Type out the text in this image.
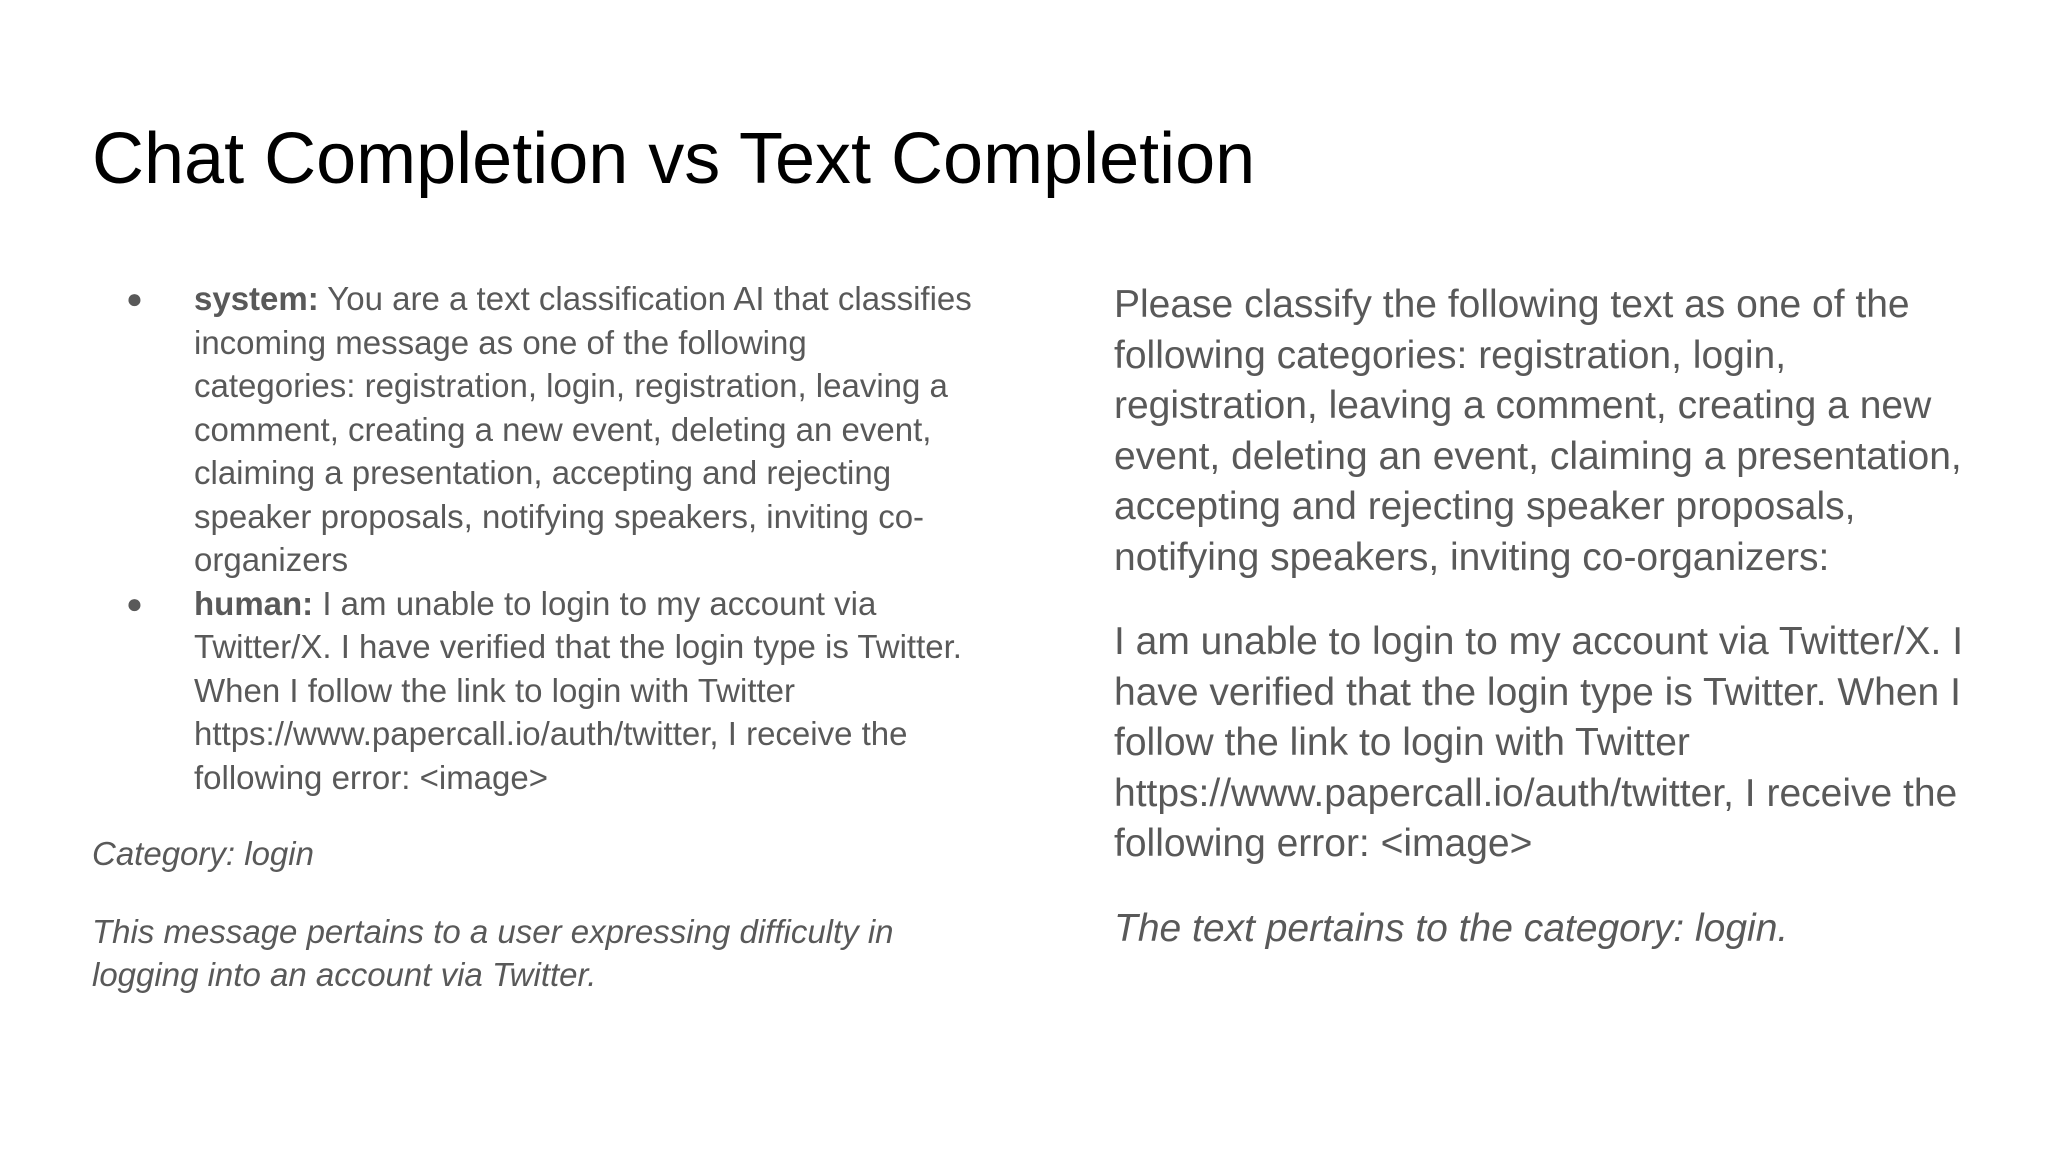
Chat Completion vs Text Completion
● system: You are a text classification AI that classifies incoming message as one of the following categories: registration, login, registration, leaving a comment, creating a new event, deleting an event, claiming a presentation, accepting and rejecting speaker proposals, notifying speakers, inviting co-organizers
● human: I am unable to login to my account via Twitter/X. I have verified that the login type is Twitter. When I follow the link to login with Twitter https://www.papercall.io/auth/twitter, I receive the following error: <image>

Category: login

This message pertains to a user expressing difficulty in logging into an account via Twitter.

Please classify the following text as one of the following categories: registration, login, registration, leaving a comment, creating a new event, deleting an event, claiming a presentation, accepting and rejecting speaker proposals, notifying speakers, inviting co-organizers:

I am unable to login to my account via Twitter/X. I have verified that the login type is Twitter. When I follow the link to login with Twitter https://www.papercall.io/auth/twitter, I receive the following error: <image>

The text pertains to the category: login.
